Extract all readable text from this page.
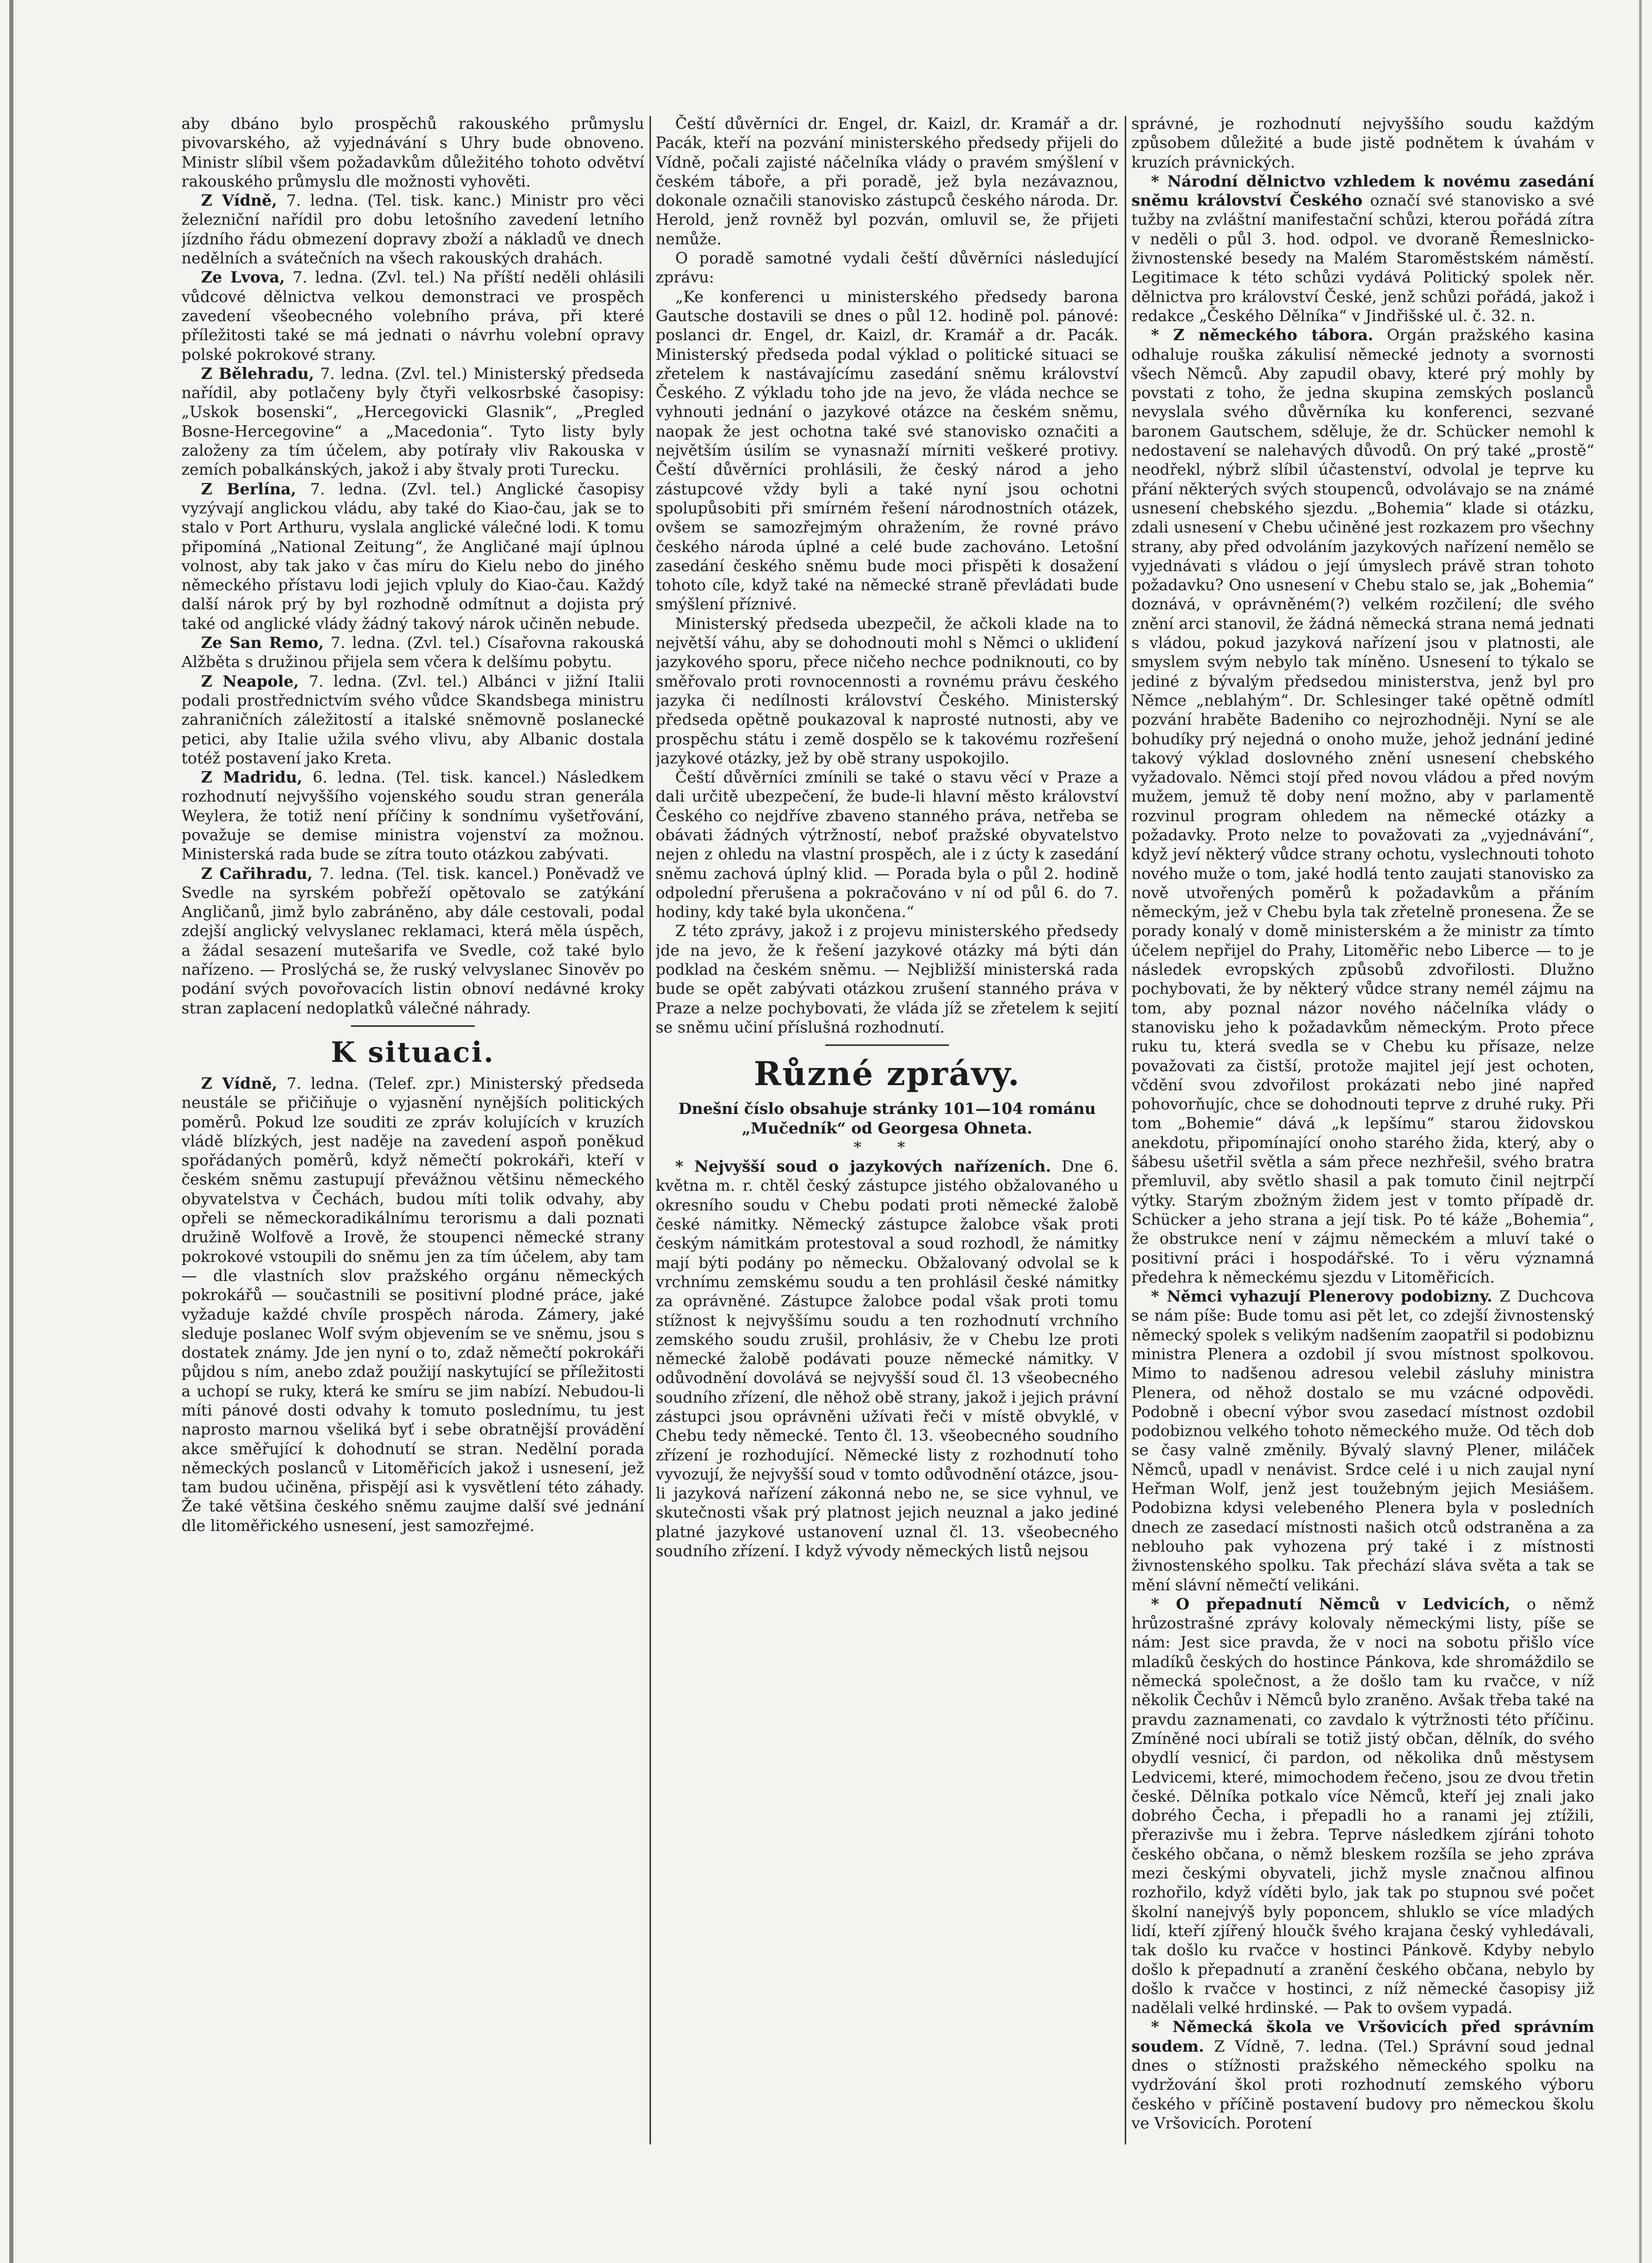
aby dbáno bylo prospěchů rakouského průmyslu pivovarského, až vyjednávání s Uhry bude obnoveno. Ministr slíbil všem požadavkům důležitého tohoto odvětví rakouského průmyslu dle možnosti vyhověti.

Z Vídně, 7. ledna. (Tel. tisk. kanc.) Ministr pro věci železniční nařídil pro dobu letošního zavedení letního jízdního řádu obmezení dopravy zboží a nákladů ve dnech nedělních a svátečních na všech rakouských drahách.

Ze Lvova, 7. ledna. (Zvl. tel.) Na příští neděli ohlásili vůdcové dělnictva velkou demonstraci ve prospěch zavedení všeobecného volebního práva, při které příležitosti také se má jednati o návrhu volební opravy polské pokrokové strany.

Z Bělehradu, 7. ledna. (Zvl. tel.) Ministerský předseda nařídil, aby potlačeny byly čtyři velkosrbské časopisy: „Uskok bosenski“, „Hercegovicki Glasnik“, „Pregled Bosne-Hercegovine“ a „Macedonia“. Tyto listy byly založeny za tím účelem, aby potírały vliv Rakouska v zemích pobalkánských, jakož i aby štvaly proti Turecku.

Z Berlína, 7. ledna. (Zvl. tel.) Anglické časopisy vyzývají anglickou vládu, aby také do Kiao-čau, jak se to stalo v Port Arthuru, vyslala anglické válečné lodi. K tomu připomíná „National Zeitung“, že Angličané mají úplnou volnost, aby tak jako v čas míru do Kielu nebo do jiného německého přístavu lodi jejich vpluly do Kiao-čau. Každý další nárok prý by byl rozhodně odmítnut a dojista prý také od anglické vlády žádný takový nárok učiněn nebude.

Ze San Remo, 7. ledna. (Zvl. tel.) Císařovna rakouská Alžběta s družinou přijela sem včera k delšímu pobytu.

Z Neapole, 7. ledna. (Zvl. tel.) Albánci v jižní Italii podali prostřednictvím svého vůdce Skandsbega ministru zahraničních záležitostí a italské sněmovně poslanecké petici, aby Italie užila svého vlivu, aby Albanic dostala totéž postavení jako Kreta.

Z Madridu, 6. ledna. (Tel. tisk. kancel.) Následkem rozhodnutí nejvyššího vojenského soudu stran generála Weylera, že totiž není příčiny k sondnímu vyšetřování, považuje se demise ministra vojenství za možnou. Ministerská rada bude se zítra touto otázkou zabývati.

Z Cařihradu, 7. ledna. (Tel. tisk. kancel.) Poněvadž ve Svedle na syrském pobřeží opětovalo se zatýkání Angličanů, jimž bylo zabráněno, aby dále cestovali, podal zdejší anglický velvyslanec reklamaci, která měla úspěch, a žádal sesazení mutešarifa ve Svedle, což také bylo nařízeno. — Proslýchá se, že ruský velvyslanec Sinověv po podání svých povořovacích listin obnoví nedávné kroky stran zaplacení nedoplatků válečné náhrady.

K situaci.

Z Vídně, 7. ledna. (Telef. zpr.) Ministerský předseda neustále se přičiňuje o vyjasnění nynějších politických poměrů. Pokud lze souditi ze zpráv kolujících v kruzích vládě blízkých, jest naděje na zavedení aspoň poněkud spořádaných poměrů, když němečtí pokrokáři, kteří v českém sněmu zastupují převážnou většinu německého obyvatelstva v Čechách, budou míti tolik odvahy, aby opřeli se německoradikálnímu terorismu a dali poznati družině Wolfově a Irově, že stoupenci německé strany pokrokové vstoupili do sněmu jen za tím účelem, aby tam — dle vlastních slov pražského orgánu německých pokrokářů — součastnili se positivní plodné práce, jaké vyžaduje každé chvíle prospěch národa. Zámery, jaké sleduje poslanec Wolf svým objevením se ve sněmu, jsou s dostatek známy. Jde jen nyní o to, zdaž němečtí pokrokáři půjdou s ním, anebo zdaž použijí naskytující se příležitosti a uchopí se ruky, která ke smíru se jim nabízí. Nebudou-li míti pánové dosti odvahy k tomuto poslednímu, tu jest naprosto marnou všeliká byť i sebe obratnější provádění akce směřující k dohodnutí se stran. Nedělní porada německých poslanců v Litoměřicích jakož i usnesení, jež tam budou učiněna, přispějí asi k vysvětlení této záhady. Že také většina českého sněmu zaujme další své jednání dle litoměřického usnesení, jest samozřejmé.

Čeští důvěrníci dr. Engel, dr. Kaizl, dr. Kramář a dr. Pacák, kteří na pozvání ministerského předsedy přijeli do Vídně, počali zajisté náčelníka vlády o pravém smýšlení v českém táboře, a při poradě, jež byla nezávaznou, dokonale označili stanovisko zástupců českého národa. Dr. Herold, jenž rovněž byl pozván, omluvil se, že přijeti nemůže.

O poradě samotné vydali čeští důvěrníci následující zprávu:

„Ke konferenci u ministerského předsedy barona Gautsche dostavili se dnes o půl 12. hodině pol. pánové: poslanci dr. Engel, dr. Kaizl, dr. Kramář a dr. Pacák. Ministerský předseda podal výklad o politické situaci se zřetelem k nastávajícímu zasedání sněmu království Českého. Z výkladu toho jde na jevo, že vláda nechce se vyhnouti jednání o jazykové otázce na českém sněmu, naopak že jest ochotna také své stanovisko označiti a největším úsilím se vynasnaží mírniti veškeré protivy. Čeští důvěrníci prohlásili, že český národ a jeho zástupcové vždy byli a také nyní jsou ochotni spolupůsobiti při smírném řešení národnostních otázek, ovšem se samozřejmým ohražením, že rovné právo českého národa úplné a celé bude zachováno. Letošní zasedání českého sněmu bude moci přispěti k dosažení tohoto cíle, když také na německé straně převládati bude smýšlení příznivé.

Ministerský předseda ubezpečil, že ačkoli klade na to největší váhu, aby se dohodnouti mohl s Němci o ukliđení jazykového sporu, přece ničeho nechce podniknouti, co by směřovalo proti rovnocennosti a rovnému právu českého jazyka či nedílnosti království Českého. Ministerský předseda opětně poukazoval k naprosté nutnosti, aby ve prospěchu státu i země dospělo se k takovému rozřešení jazykové otázky, jež by obě strany uspokojilo.

Čeští důvěrníci zmínili se také o stavu věcí v Praze a dali určitě ubezpečení, že bude-li hlavní město království Českého co nejdříve zbaveno stanného práva, netřeba se obávati žádných výtržností, neboť pražské obyvatelstvo nejen z ohledu na vlastní prospěch, ale i z úcty k zasedání sněmu zachová úplný klid. — Porada byla o půl 2. hodině odpolední přerušena a pokračováno v ní od půl 6. do 7. hodiny, kdy také byla ukončena.“

Z této zprávy, jakož i z projevu ministerského předsedy jde na jevo, že k řešení jazykové otázky má býti dán podklad na českém sněmu. — Nejbližší ministerská rada bude se opět zabývati otázkou zrušení stanného práva v Praze a nelze pochybovati, že vláda jíž se zřetelem k sejití se sněmu učiní příslušná rozhodnutí.

Různé zprávy.

Dnešní číslo obsahuje stránky 101—104 románu „Mučedník“ od Georgesa Ohneta.

* *

* Nejvyšší soud o jazykových nařízeních. Dne 6. května m. r. chtěl český zástupce jistého obžalovaného u okresního soudu v Chebu podati proti německé žalobě české námitky. Německý zástupce žalobce však proti českým námitkám protestoval a soud rozhodl, že námitky mají býti podány po německu. Obžalovaný odvolal se k vrchnímu zemskému soudu a ten prohlásil české námitky za oprávněné. Zástupce žalobce podal však proti tomu stížnost k nejvyššímu soudu a ten rozhodnutí vrchního zemského soudu zrušil, prohlásiv, že v Chebu lze proti německé žalobě podávati pouze německé námitky. V odůvodnění dovolává se nejvyšší soud čl. 13 všeobecného soudního zřízení, dle něhož obě strany, jakož i jejich právní zástupci jsou oprávněni užívati řeči v místě obvyklé, v Chebu tedy německé. Tento čl. 13. všeobecného soudního zřízení je rozhodující. Německé listy z rozhodnutí toho vyvozují, že nejvyšší soud v tomto odůvodnění otázce, jsou-li jazyková nařízení zákonná nebo ne, se sice vyhnul, ve skutečnosti však prý platnost jejich neuznal a jako jediné platné jazykové ustanovení uznal čl. 13. všeobecného soudního zřízení. I když vývody německých listů nejsou

správné, je rozhodnutí nejvyššího soudu každým způsobem důležité a bude jistě podnětem k úvahám v kruzích právnických.

* Národní dělnictvo vzhledem k novému zasedání sněmu království Českého označí své stanovisko a své tužby na zvláštní manifestační schůzi, kterou pořádá zítra v neděli o půl 3. hod. odpol. ve dvoraně Řemeslnicko-živnostenské besedy na Malém Staroměstském náměstí. Legitimace k této schůzi vydává Politický spolek něr. dělnictva pro království České, jenž schůzi pořádá, jakož i redakce „Českého Dělníka“ v Jindřišské ul. č. 32. n.

* Z německého tábora. Orgán pražského kasina odhaluje rouška zákulisí německé jednoty a svornosti všech Němců. Aby zapudil obavy, které prý mohly by povstati z toho, že jedna skupina zemských poslanců nevyslala svého důvěrníka ku konferenci, sezvané baronem Gautschem, sděluje, že dr. Schücker nemohl k nedostavení se nalehavých důvodů. On prý také „prostě“ neodřekl, nýbrž slíbil účastenství, odvolal je teprve ku přání některých svých stoupenců, odvolávajo se na známé usnesení chebského sjezdu. „Bohemia“ klade si otázku, zdali usnesení v Chebu učiněné jest rozkazem pro všechny strany, aby před odvoláním jazykových nařízení nemělo se vyjednávati s vládou o její úmyslech právě stran tohoto požadavku? Ono usnesení v Chebu stalo se, jak „Bohemia“ doznává, v oprávněném(?) velkém rozčilení; dle svého znění arci stanovil, že žádná německá strana nemá jednati s vládou, pokud jazyková nařízení jsou v platnosti, ale smyslem svým nebylo tak míněno. Usnesení to týkalo se jediné z bývalým předsedou ministerstva, jenž byl pro Němce „neblahým“. Dr. Schlesinger také opětně odmítl pozvání hraběte Badeniho co nejrozhodněji. Nyní se ale bohudíky prý nejedná o onoho muže, jehož jednání jediné takový výklad doslovného znění usnesení chebského vyžadovalo. Němci stojí před novou vládou a před novým mužem, jemuž tě doby není možno, aby v parlamentě rozvinul program ohledem na německé otázky a požadavky. Proto nelze to považovati za „vyjednávání“, když jeví některý vůdce strany ochotu, vyslechnouti tohoto nového muže o tom, jaké hodlá tento zaujati stanovisko za nově utvořených poměrů k požadavkům a přáním německým, jež v Chebu byla tak zřetelně pronesena. Že se porady konalý v domě ministerském a že ministr za tímto účelem nepřijel do Prahy, Litoměřic nebo Liberce — to je následek evropských způsobů zdvořilosti. Dlužno pochybovati, že by některý vůdce strany nemél zájmu na tom, aby poznal názor nového náčelníka vlády o stanovisku jeho k požadavkům německým. Proto přece ruku tu, která svedla se v Chebu ku přísaze, nelze považovati za čistší, protože majitel její jest ochoten, včdění svou zdvořilost prokázati nebo jiné napřeď pohovorňujíc, chce se dohodnouti teprve z druhé ruky. Při tom „Bohemie“ dává „k lepšímu“ starou židovskou anekdotu, připomínající onoho starého žida, který, aby o šábesu ušetřil světla a sám přece nezhřešil, svého bratra přemluvil, aby světlo shasil a pak tomuto činil nejtrpčí výtky. Starým zbožným židem jest v tomto případě dr. Schücker a jeho strana a její tisk. Po té káže „Bohemia“, že obstrukce není v zájmu německém a mluví také o positivní práci i hospodářské. To i věru významná předehra k německému sjezdu v Litoměřicích.

* Němci vyhazují Plenerovy podobizny. Z Duchcova se nám píše: Bude tomu asi pět let, co zdejší živnostenský německý spolek s velikým nadšením zaopatřil si podobiznu ministra Plenera a ozdobil jí svou místnost spolkovou. Mimo to nadšenou adresou velebil zásluhy ministra Plenera, od něhož dostalo se mu vzácné odpovědi. Podobně i obecní výbor svou zasedací místnost ozdobil podobiznou velkého tohoto německého muže. Od těch dob se časy valně změnily. Bývalý slavný Plener, miláček Němců, upadl v nenávist. Srdce celé i u nich zaujal nyní Heřman Wolf, jenž jest toužebným jejich Mesiášem. Podobizna kdysi velebeného Plenera byla v posledních dnech ze zasedací místnosti našich otců odstraněna a za neblouho pak vyhozena prý také i z místnosti živnostenského spolku. Tak přechází sláva světa a tak se mění slávní němečtí velikáni.

* O přepadnutí Němců v Ledvicích, o němž hrůzostrašné zprávy kolovaly německými listy, píše se nám: Jest sice pravda, že v noci na sobotu přišlo více mladíků českých do hostince Pánkova, kde shromáždilo se německá společnost, a že došlo tam ku rvačce, v níž několik Čechův i Němců bylo zraněno. Avšak třeba také na pravdu zaznamenati, co zavdalo k výtržnosti této příčinu. Zmíněné noci ubírali se totiž jistý občan, dělník, do svého obydlí vesnicí, či pardon, od několika dnů městysem Ledvicemi, které, mimochodem řečeno, jsou ze dvou třetin české. Dělníka potkalo více Němců, kteří jej znali jako dobrého Čecha, i přepadli ho a ranami jej ztížili, přerazivše mu i žebra. Teprve následkem zjíráni tohoto českého občana, o němž bleskem rozšíla se jeho zpráva mezi českými obyvateli, jichž mysle značnou alfinou rozhořilo, když víděti bylo, jak tak po stupnou své počet školní nanejvýš byly poponcem, shluklo se více mladých lidí, kteří zjířený hloučk švého krajana český vyhledávali, tak došlo ku rvačce v hostinci Pánkově. Kdyby nebylo došlo k přepadnutí a zranění českého občana, nebylo by došlo k rvačce v hostinci, z níž německé časopisy již nadělali velké hrdinské. — Pak to ovšem vypadá.

* Německá škola ve Vršovicích před správním soudem. Z Vídně, 7. ledna. (Tel.) Správní soud jednal dnes o stížnosti pražského německého spolku na vydržování škol proti rozhodnutí zemského výboru českého v příčině postavení budovy pro německou školu ve Vršovicích. Porotení
